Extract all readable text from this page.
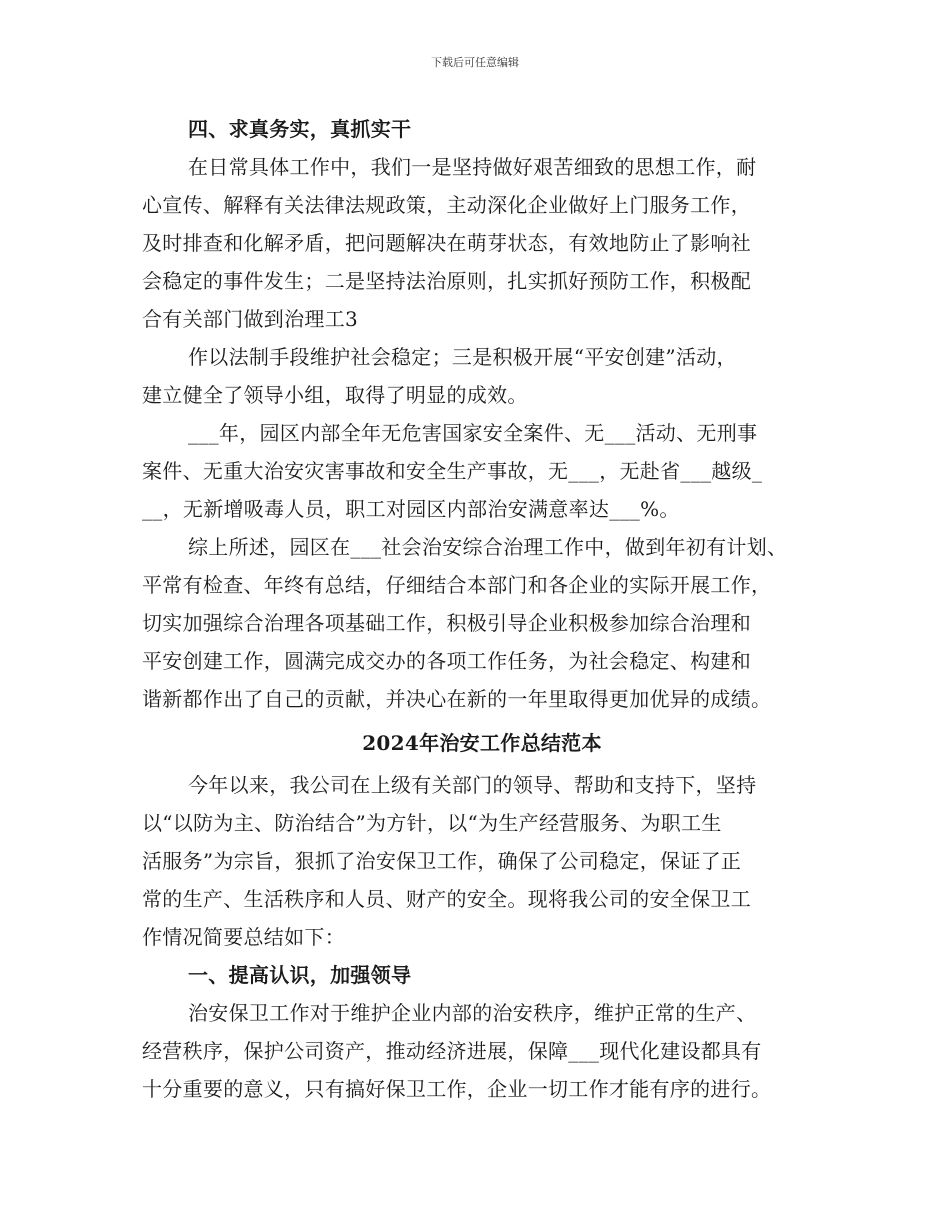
下载后可任意编辑
四、求真务实，真抓实干
在日常具体工作中，我们一是坚持做好艰苦细致的思想工作，耐
心宣传、解释有关法律法规政策，主动深化企业做好上门服务工作，
及时排查和化解矛盾，把问题解决在萌芽状态，有效地防止了影响社
会稳定的事件发生；二是坚持法治原则，扎实抓好预防工作，积极配
合有关部门做到治理工3
作以法制手段维护社会稳定；三是积极开展“平安创建”活动，
建立健全了领导小组，取得了明显的成效。
___年，园区内部全年无危害国家安全案件、无___活动、无刑事
案件、无重大治安灾害事故和安全生产事故，无___，无赴省___越级_
__，无新增吸毒人员，职工对园区内部治安满意率达___%。
综上所述，园区在___社会治安综合治理工作中，做到年初有计划、
平常有检查、年终有总结，仔细结合本部门和各企业的实际开展工作，
切实加强综合治理各项基础工作，积极引导企业积极参加综合治理和
平安创建工作，圆满完成交办的各项工作任务，为社会稳定、构建和
谐新都作出了自己的贡献，并决心在新的一年里取得更加优异的成绩。
2024年治安工作总结范本
今年以来，我公司在上级有关部门的领导、帮助和支持下，坚持
以“以防为主、防治结合”为方针，以“为生产经营服务、为职工生
活服务”为宗旨，狠抓了治安保卫工作，确保了公司稳定，保证了正
常的生产、生活秩序和人员、财产的安全。现将我公司的安全保卫工
作情况简要总结如下：
一、提高认识，加强领导
治安保卫工作对于维护企业内部的治安秩序，维护正常的生产、
经营秩序，保护公司资产，推动经济进展，保障___现代化建设都具有
十分重要的意义，只有搞好保卫工作，企业一切工作才能有序的进行。
